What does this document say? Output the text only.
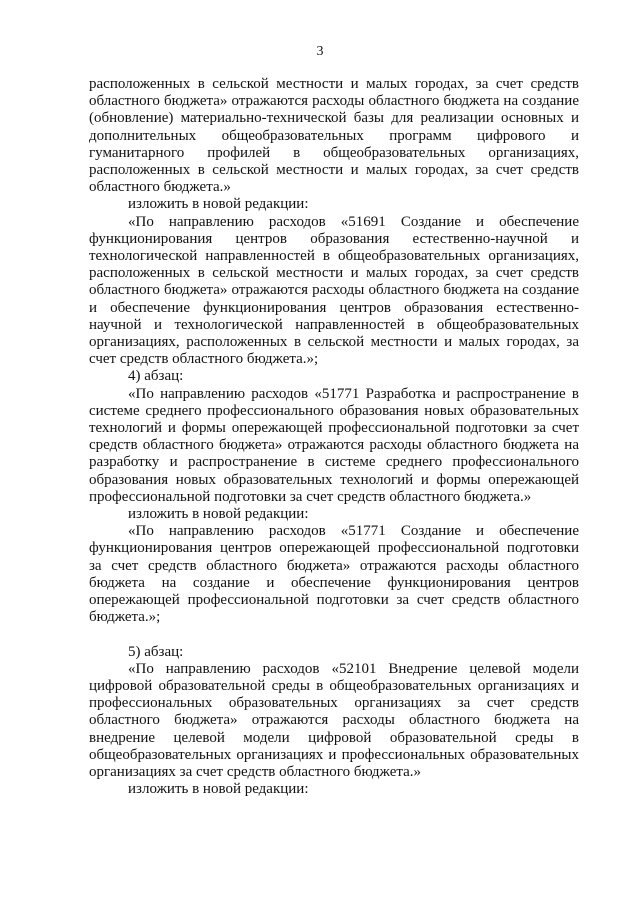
3

расположенных в сельской местности и малых городах, за счет средств областного бюджета» отражаются расходы областного бюджета на создание (обновление) материально-технической базы для реализации основных и дополнительных общеобразовательных программ цифрового и гуманитарного профилей в общеобразовательных организациях, расположенных в сельской местности и малых городах, за счет средств областного бюджета.»

изложить в новой редакции:

«По направлению расходов «51691 Создание и обеспечение функционирования центров образования естественно-научной и технологической направленностей в общеобразовательных организациях, расположенных в сельской местности и малых городах, за счет средств областного бюджета» отражаются расходы областного бюджета на создание и обеспечение функционирования центров образования естественно-научной и технологической направленностей в общеобразовательных организациях, расположенных в сельской местности и малых городах, за счет средств областного бюджета.»;

4) абзац:

«По направлению расходов «51771 Разработка и распространение в системе среднего профессионального образования новых образовательных технологий и формы опережающей профессиональной подготовки за счет средств областного бюджета» отражаются расходы областного бюджета на разработку и распространение в системе среднего профессионального образования новых образовательных технологий и формы опережающей профессиональной подготовки за счет средств областного бюджета.»

изложить в новой редакции:

«По направлению расходов «51771 Создание и обеспечение функционирования центров опережающей профессиональной подготовки за счет средств областного бюджета» отражаются расходы областного бюджета на создание и обеспечение функционирования центров опережающей профессиональной подготовки за счет средств областного бюджета.»;

5) абзац:

«По направлению расходов «52101 Внедрение целевой модели цифровой образовательной среды в общеобразовательных организациях и профессиональных образовательных организациях за счет средств областного бюджета» отражаются расходы областного бюджета на внедрение целевой модели цифровой образовательной среды в общеобразовательных организациях и профессиональных образовательных организациях за счет средств областного бюджета.»

изложить в новой редакции:
